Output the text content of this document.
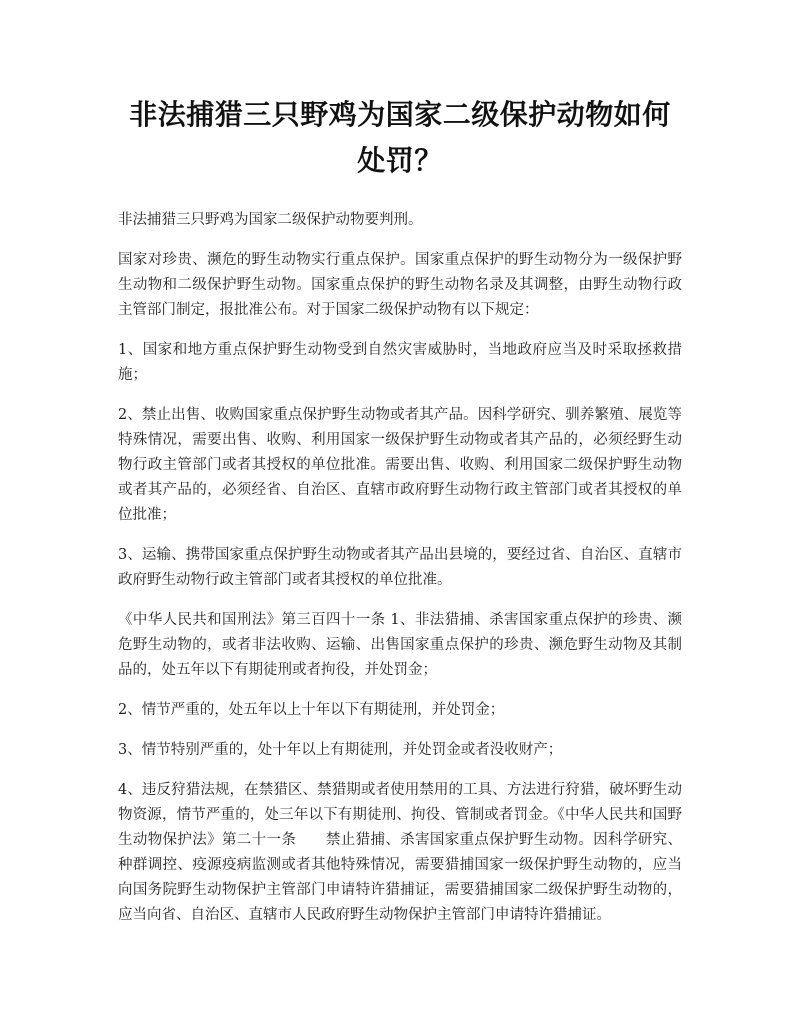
非法捕猎三只野鸡为国家二级保护动物如何处罚？

非法捕猎三只野鸡为国家二级保护动物要判刑。

国家对珍贵、濒危的野生动物实行重点保护。国家重点保护的野生动物分为一级保护野生动物和二级保护野生动物。国家重点保护的野生动物名录及其调整，由野生动物行政主管部门制定，报批准公布。对于国家二级保护动物有以下规定：

1、国家和地方重点保护野生动物受到自然灾害威胁时，当地政府应当及时采取拯救措施；

2、禁止出售、收购国家重点保护野生动物或者其产品。因科学研究、驯养繁殖、展览等特殊情况，需要出售、收购、利用国家一级保护野生动物或者其产品的，必须经野生动物行政主管部门或者其授权的单位批准。需要出售、收购、利用国家二级保护野生动物或者其产品的，必须经省、自治区、直辖市政府野生动物行政主管部门或者其授权的单位批准；

3、运输、携带国家重点保护野生动物或者其产品出县境的，要经过省、自治区、直辖市政府野生动物行政主管部门或者其授权的单位批准。

《中华人民共和国刑法》第三百四十一条 1、非法猎捕、杀害国家重点保护的珍贵、濒危野生动物的，或者非法收购、运输、出售国家重点保护的珍贵、濒危野生动物及其制品的，处五年以下有期徒刑或者拘役，并处罚金；

2、情节严重的，处五年以上十年以下有期徒刑，并处罚金；

3、情节特别严重的，处十年以上有期徒刑，并处罚金或者没收财产；

4、违反狩猎法规，在禁猎区、禁猎期或者使用禁用的工具、方法进行狩猎，破坏野生动物资源，情节严重的，处三年以下有期徒刑、拘役、管制或者罚金。《中华人民共和国野生动物保护法》第二十一条　　禁止猎捕、杀害国家重点保护野生动物。因科学研究、种群调控、疫源疫病监测或者其他特殊情况，需要猎捕国家一级保护野生动物的，应当向国务院野生动物保护主管部门申请特许猎捕证，需要猎捕国家二级保护野生动物的，应当向省、自治区、直辖市人民政府野生动物保护主管部门申请特许猎捕证。
